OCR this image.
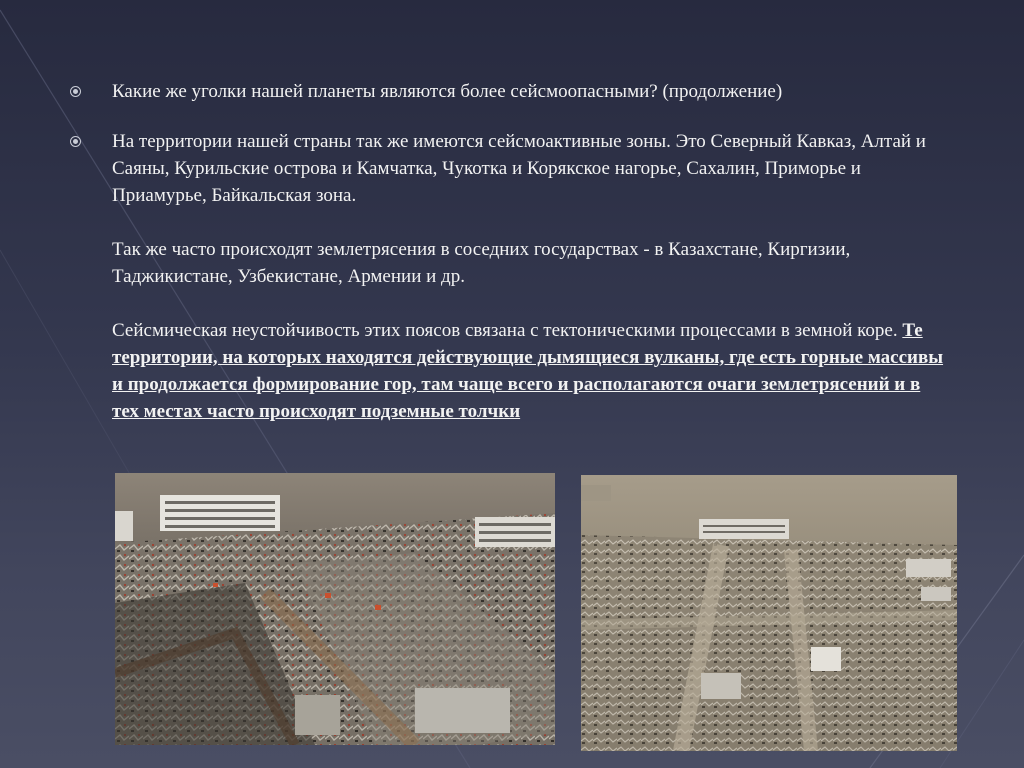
Какие же уголки нашей планеты являются более сейсмоопасными? (продолжение)

На территории нашей страны так же имеются сейсмоактивные зоны. Это Северный Кавказ, Алтай и Саяны, Курильские острова и Камчатка, Чукотка и Корякское нагорье, Сахалин, Приморье и Приамурье, Байкальская зона.

Так же часто происходят землетрясения в соседних государствах - в Казахстане, Киргизии, Таджикистане, Узбекистане, Армении и др.

Сейсмическая неустойчивость этих поясов связана с тектоническими процессами в земной коре. Те территории, на которых находятся действующие дымящиеся вулканы, где есть горные массивы и продолжается формирование гор, там чаще всего и располагаются очаги землетрясений и в тех местах часто происходят подземные толчки
